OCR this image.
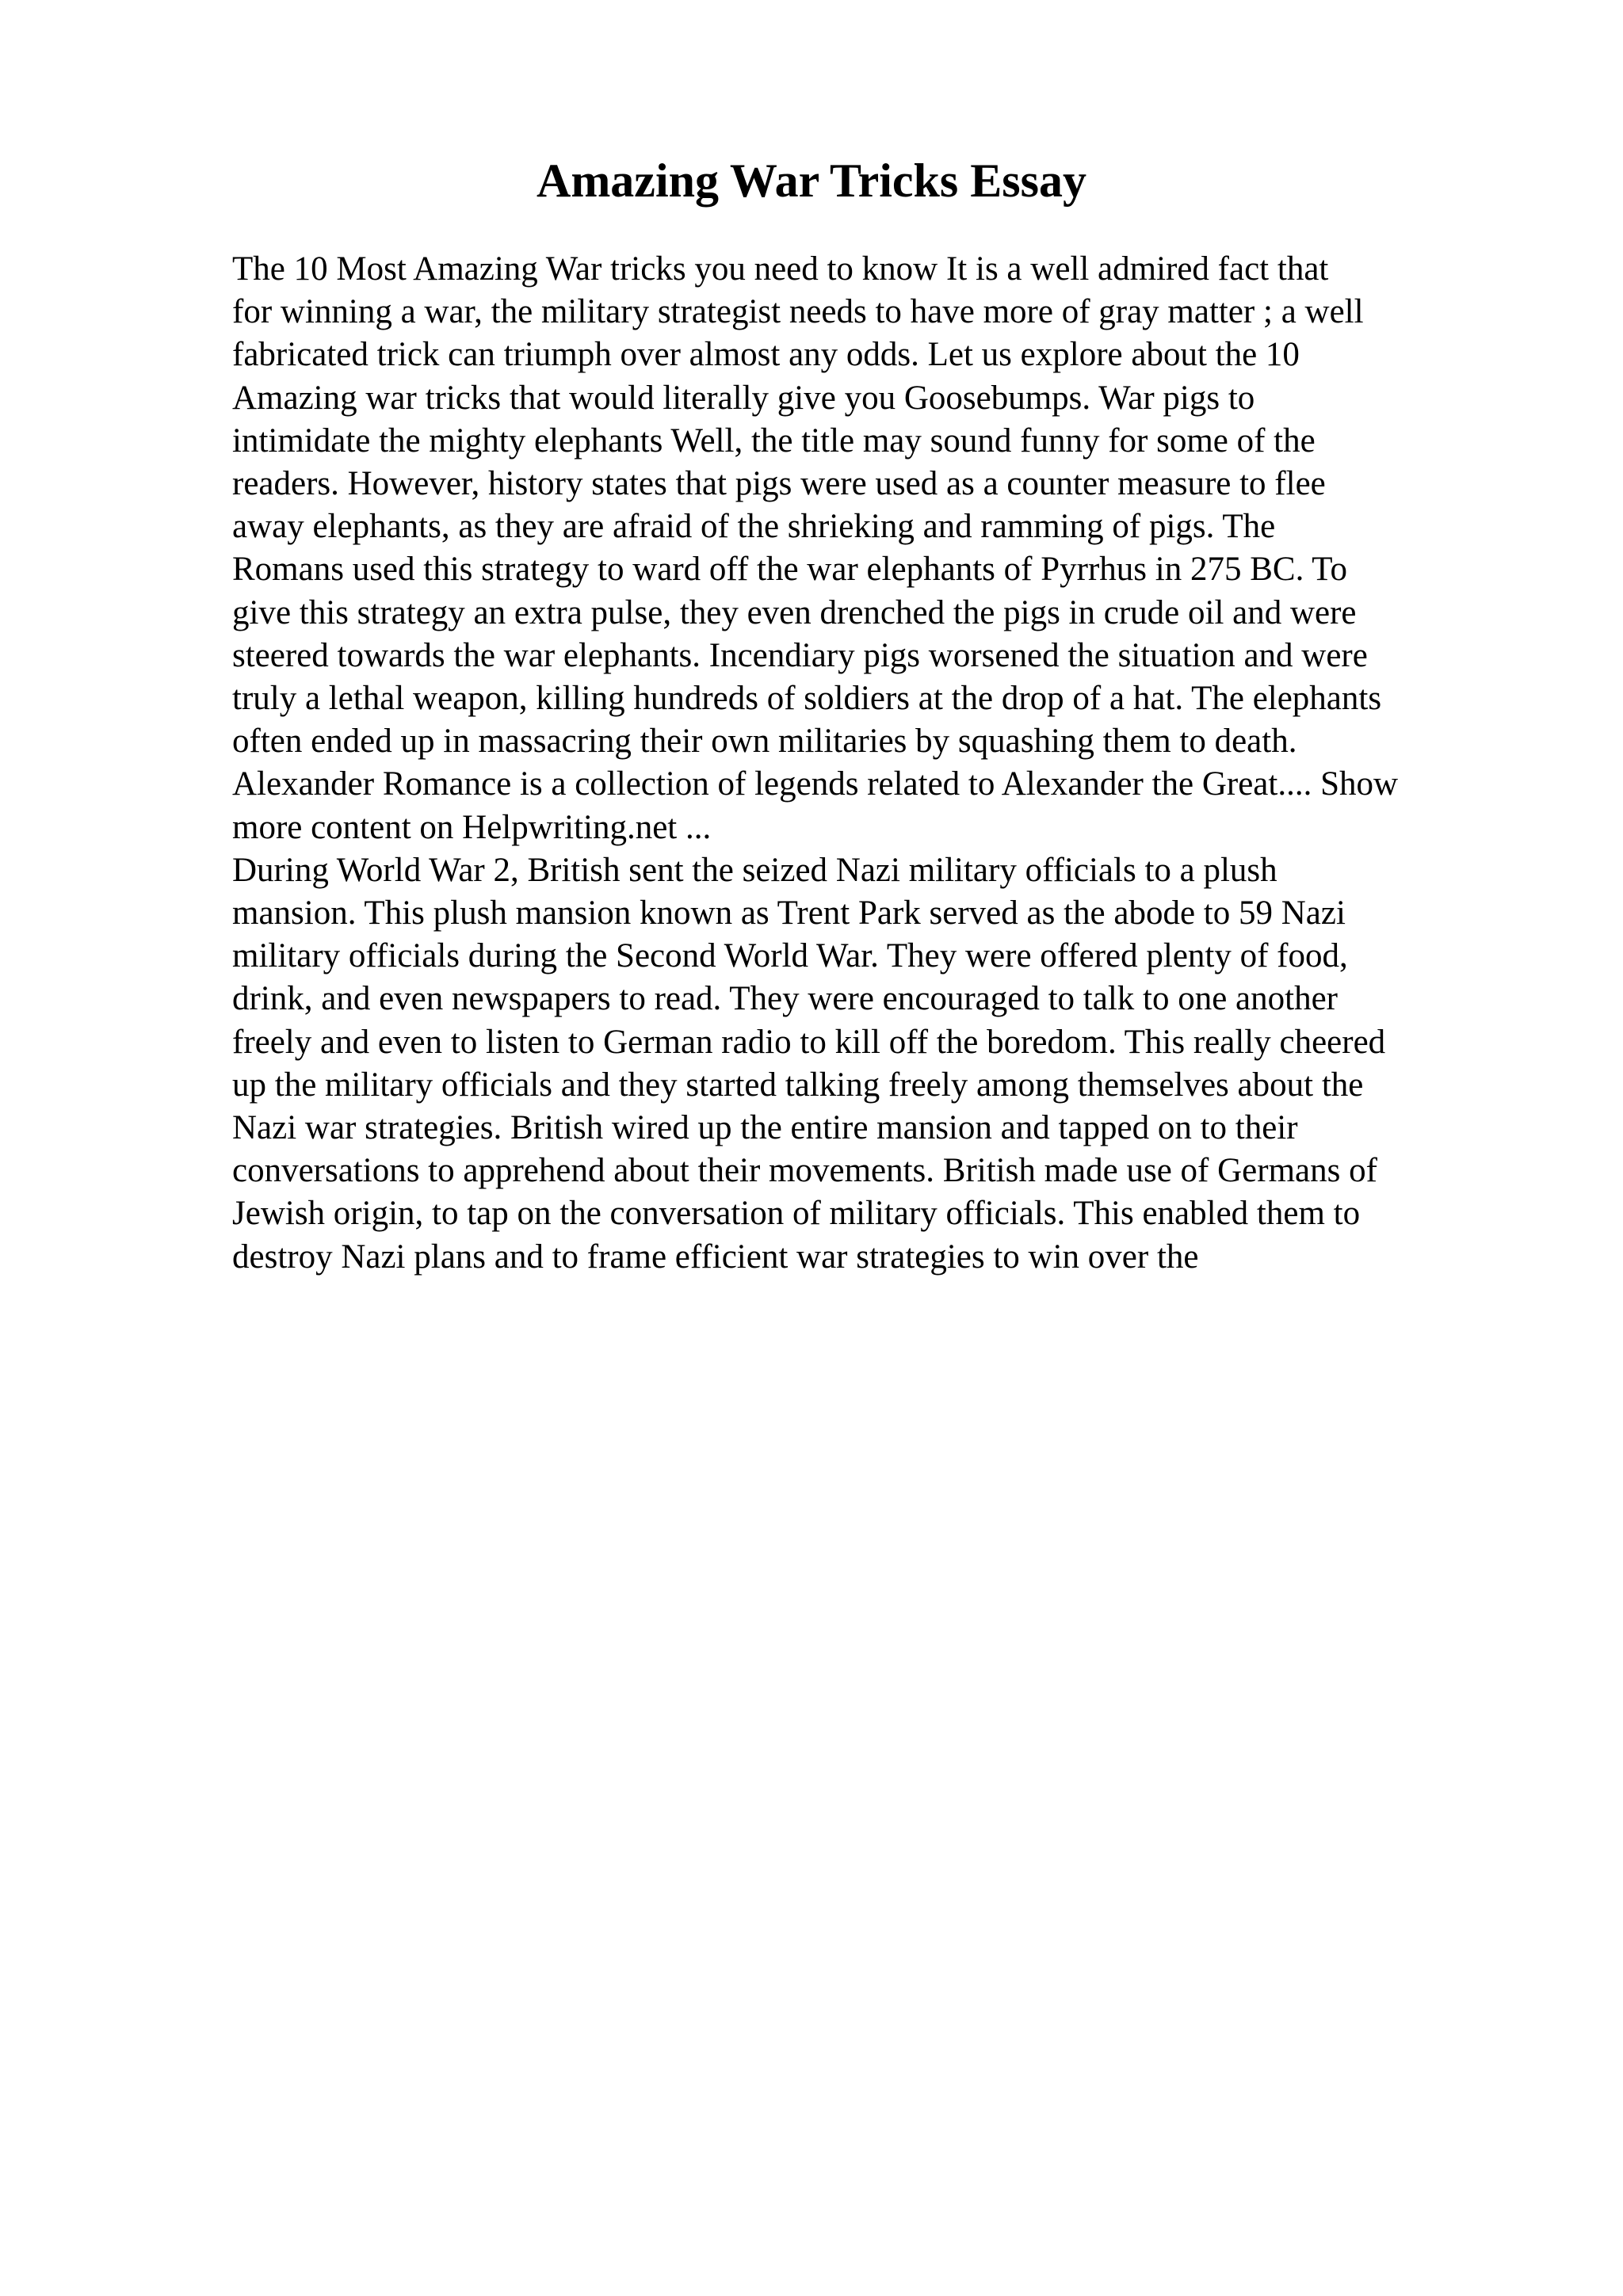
Amazing War Tricks Essay
The 10 Most Amazing War tricks you need to know It is a well admired fact that
for winning a war, the military strategist needs to have more of gray matter ; a well
fabricated trick can triumph over almost any odds. Let us explore about the 10
Amazing war tricks that would literally give you Goosebumps. War pigs to
intimidate the mighty elephants Well, the title may sound funny for some of the
readers. However, history states that pigs were used as a counter measure to flee
away elephants, as they are afraid of the shrieking and ramming of pigs. The
Romans used this strategy to ward off the war elephants of Pyrrhus in 275 BC. To
give this strategy an extra pulse, they even drenched the pigs in crude oil and were
steered towards the war elephants. Incendiary pigs worsened the situation and were
truly a lethal weapon, killing hundreds of soldiers at the drop of a hat. The elephants
often ended up in massacring their own militaries by squashing them to death.
Alexander Romance is a collection of legends related to Alexander the Great.... Show
more content on Helpwriting.net ...
During World War 2, British sent the seized Nazi military officials to a plush
mansion. This plush mansion known as Trent Park served as the abode to 59 Nazi
military officials during the Second World War. They were offered plenty of food,
drink, and even newspapers to read. They were encouraged to talk to one another
freely and even to listen to German radio to kill off the boredom. This really cheered
up the military officials and they started talking freely among themselves about the
Nazi war strategies. British wired up the entire mansion and tapped on to their
conversations to apprehend about their movements. British made use of Germans of
Jewish origin, to tap on the conversation of military officials. This enabled them to
destroy Nazi plans and to frame efficient war strategies to win over the
